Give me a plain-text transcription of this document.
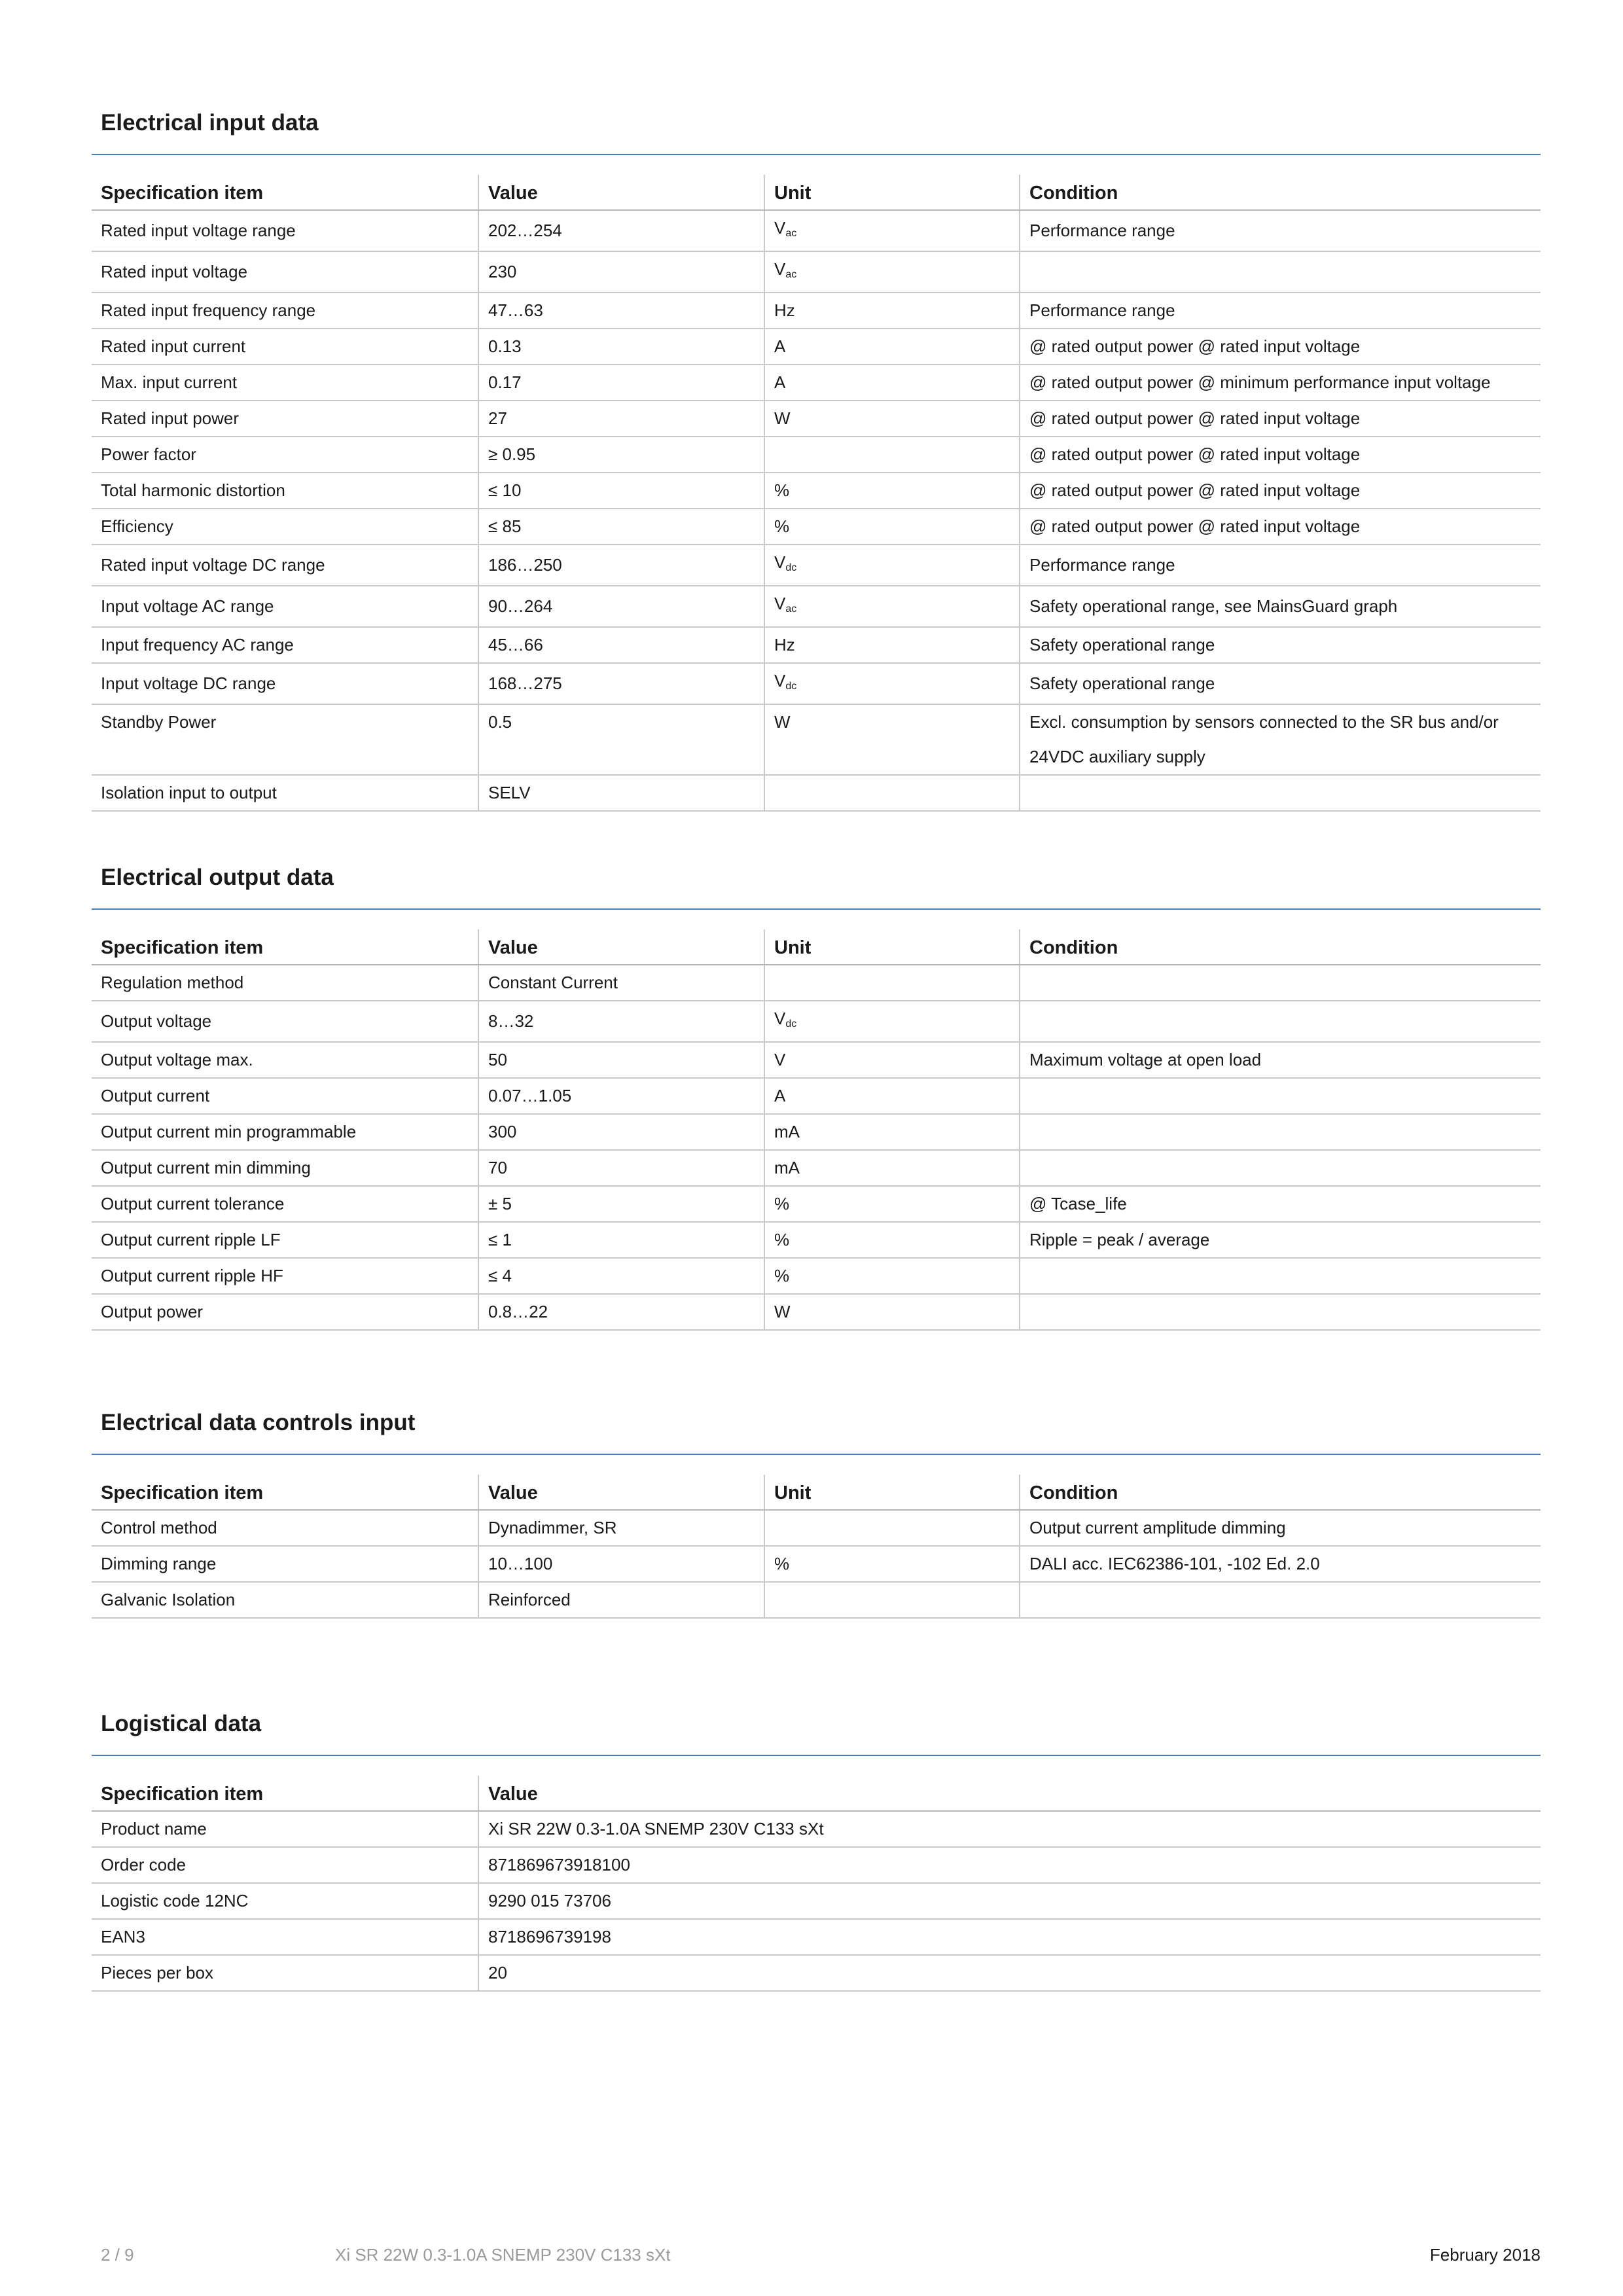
Electrical input data
Specification item	Value	Unit	Condition
Rated input voltage range	202…254	$V_{ac}$	Performance range
Rated input voltage	230	$V_{ac}$	
Rated input frequency range	47…63	Hz	Performance range
Rated input current	0.13	A	@ rated output power @ rated input voltage
Max. input current	0.17	A	@ rated output power @ minimum performance input voltage
Rated input power	27	W	@ rated output power @ rated input voltage
Power factor	≥ 0.95		@ rated output power @ rated input voltage
Total harmonic distortion	≤ 10	%	@ rated output power @ rated input voltage
Efficiency	≤ 85	%	@ rated output power @ rated input voltage
Rated input voltage DC range	186…250	$V_{dc}$	Performance range
Input voltage AC range	90…264	$V_{ac}$	Safety operational range, see MainsGuard graph
Input frequency AC range	45…66	Hz	Safety operational range
Input voltage DC range	168…275	$V_{dc}$	Safety operational range
Standby Power	0.5	W	Excl. consumption by sensors connected to the SR bus and/or
24VDC auxiliary supply

Isolation input to output	SELV		
Electrical output data
Specification item	Value	Unit	Condition
Regulation method	Constant Current		
Output voltage	8…32	$V_{dc}$	
Output voltage max.	50	V	Maximum voltage at open load
Output current	0.07…1.05	A	
Output current min programmable	300	mA	
Output current min dimming	70	mA	
Output current tolerance	± 5	%	@ Tcase_life
Output current ripple LF	≤ 1	%	Ripple = peak / average
Output current ripple HF	≤ 4	%	
Output power	0.8…22	W	
Electrical data controls input
Specification item	Value	Unit	Condition
Control method	Dynadimmer, SR		Output current amplitude dimming
Dimming range	10…100	%	DALI acc. IEC62386-101, -102 Ed. 2.0
Galvanic Isolation	Reinforced		
Logistical data
Specification item	Value
Product name	Xi SR 22W 0.3-1.0A SNEMP 230V C133 sXt
Order code	871869673918100
Logistic code 12NC	9290 015 73706
EAN3	8718696739198
Pieces per box	20
2 / 9	Xi SR 22W 0.3-1.0A SNEMP 230V C133 sXt	February 2018
